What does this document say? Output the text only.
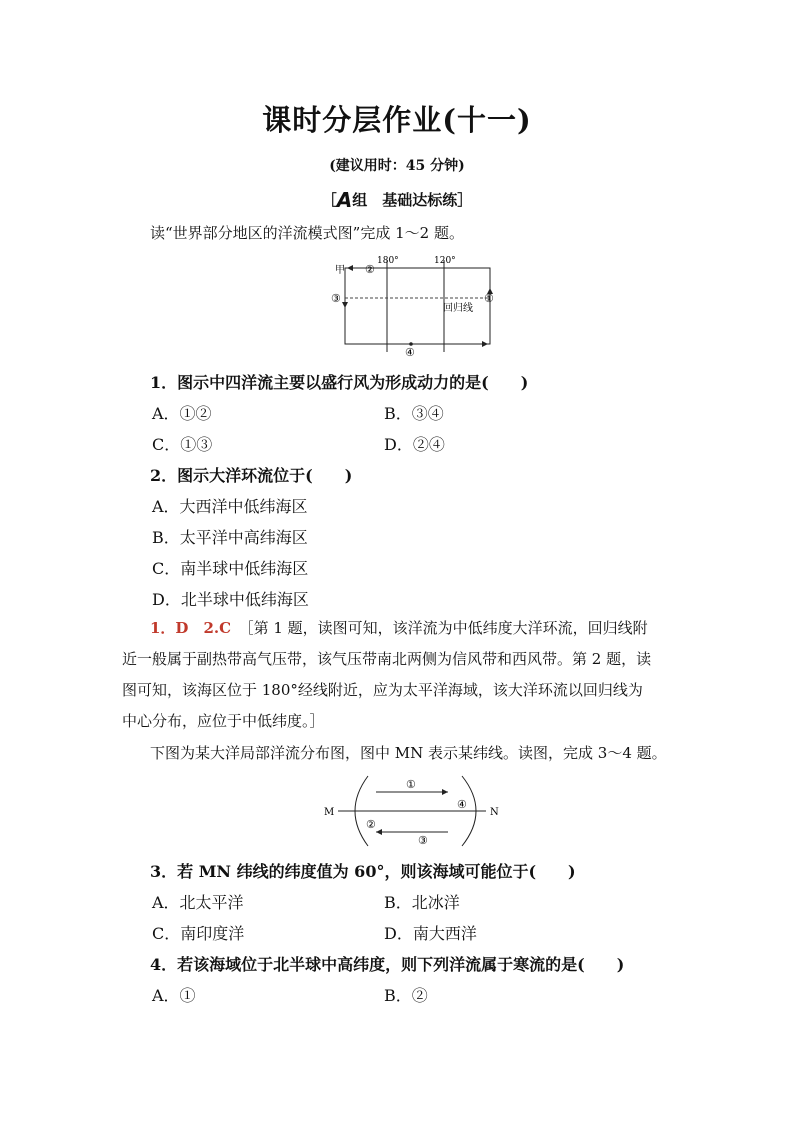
课时分层作业(十一)
(建议用时：45 分钟)
［A组　基础达标练］
读“世界部分地区的洋流模式图”完成 1～2 题。
甲 ②
180°	120°
③	①
回归线
④
1．图示中四洋流主要以盛行风为形成动力的是(　　)
A．①②	B．③④
C．①③	D．②④
2．图示大洋环流位于(　　)
A．大西洋中低纬海区
B．太平洋中高纬海区
C．南半球中低纬海区
D．北半球中低纬海区
1．D　2.C　 ［第 1 题，读图可知，该洋流为中低纬度大洋环流，回归线附
近一般属于副热带高气压带，该气压带南北两侧为信风带和西风带。第 2 题，读
图可知，该海区位于 180°经线附近，应为太平洋海域，该大洋环流以回归线为
中心分布，应位于中低纬度。］
下图为某大洋局部洋流分布图，图中 MN 表示某纬线。读图，完成 3～4 题。
M	N
①
②
③
④
3．若 MN 纬线的纬度值为 60°，则该海域可能位于(　　)
A．北太平洋	B．北冰洋
C．南印度洋	D．南大西洋
4．若该海域位于北半球中高纬度，则下列洋流属于寒流的是(　　)
A．①	B．②
